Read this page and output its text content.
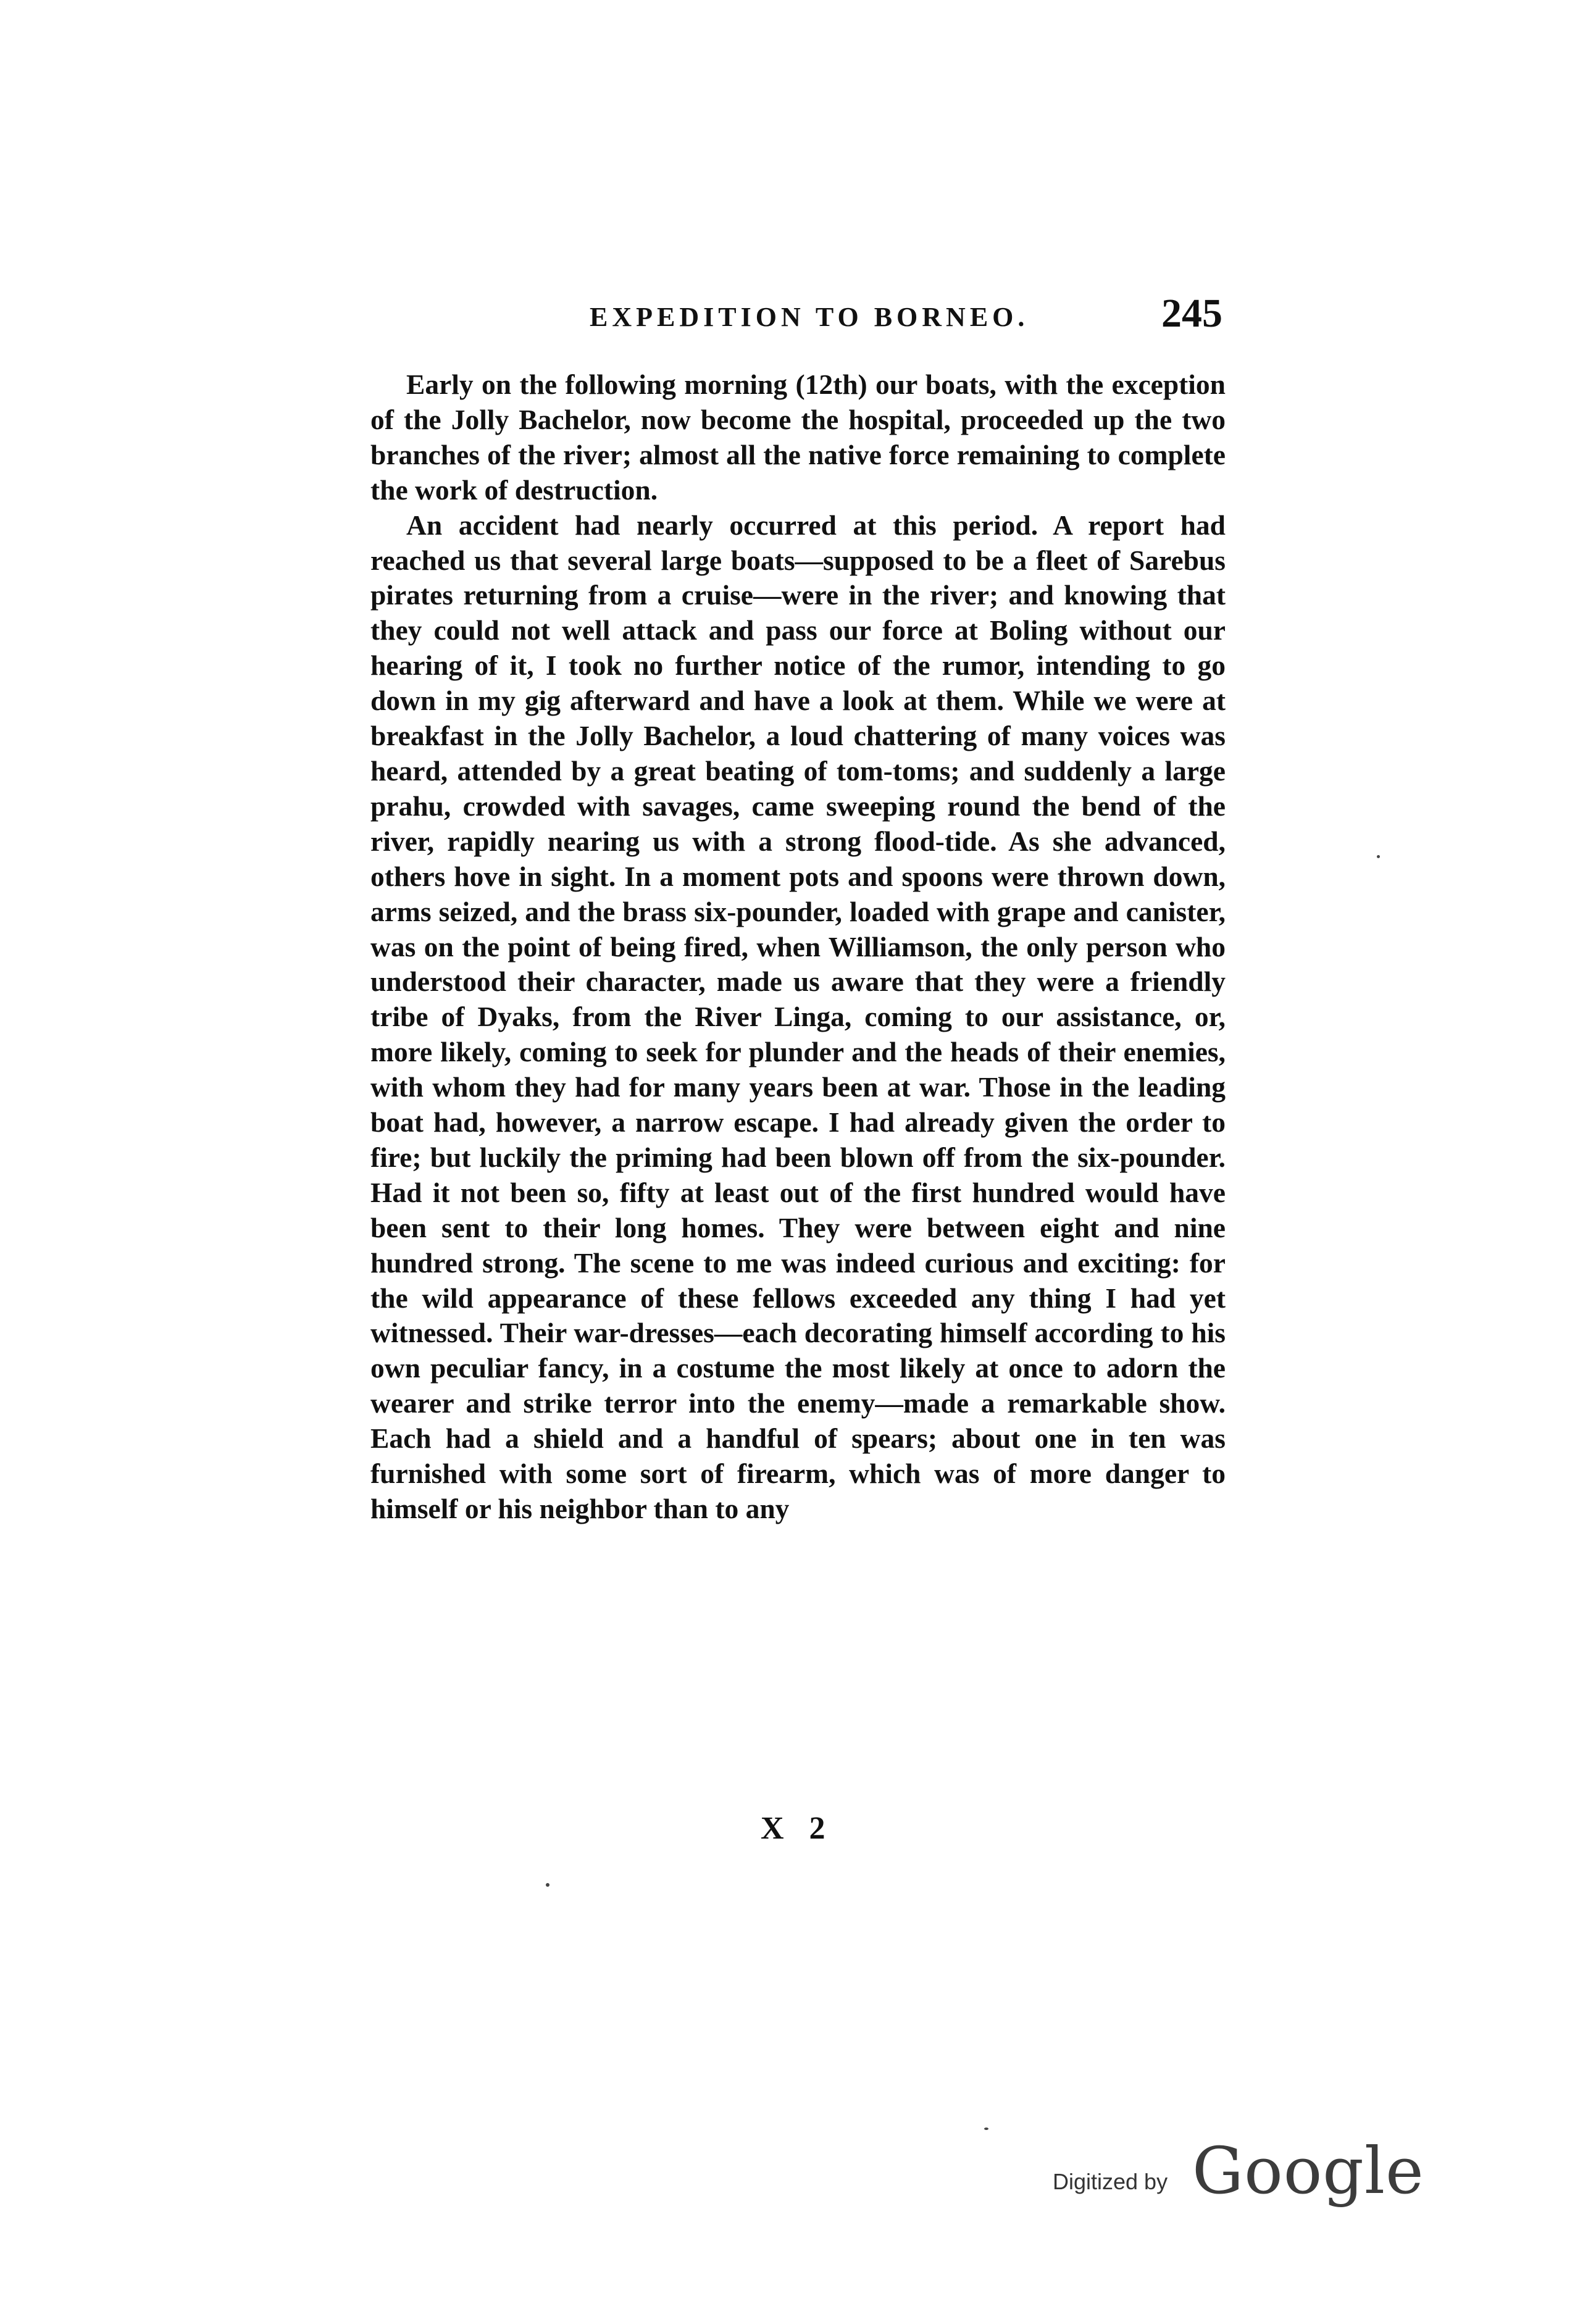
EXPEDITION TO BORNEO.	245

Early on the following morning (12th) our boats, with the exception of the Jolly Bachelor, now become the hospital, proceeded up the two branches of the river; almost all the native force remaining to complete the work of destruction.

An accident had nearly occurred at this period. A report had reached us that several large boats—supposed to be a fleet of Sarebus pirates returning from a cruise—were in the river; and knowing that they could not well attack and pass our force at Boling without our hearing of it, I took no further notice of the rumor, intending to go down in my gig afterward and have a look at them. While we were at breakfast in the Jolly Bachelor, a loud chattering of many voices was heard, attended by a great beating of tom-toms; and suddenly a large prahu, crowded with savages, came sweeping round the bend of the river, rapidly nearing us with a strong flood-tide. As she advanced, others hove in sight. In a moment pots and spoons were thrown down, arms seized, and the brass six-pounder, loaded with grape and canister, was on the point of being fired, when Williamson, the only person who understood their character, made us aware that they were a friendly tribe of Dyaks, from the River Linga, coming to our assistance, or, more likely, coming to seek for plunder and the heads of their enemies, with whom they had for many years been at war. Those in the leading boat had, however, a narrow escape. I had already given the order to fire; but luckily the priming had been blown off from the six-pounder. Had it not been so, fifty at least out of the first hundred would have been sent to their long homes. They were between eight and nine hundred strong. The scene to me was indeed curious and exciting: for the wild appearance of these fellows exceeded any thing I had yet witnessed. Their war-dresses—each decorating himself according to his own peculiar fancy, in a costume the most likely at once to adorn the wearer and strike terror into the enemy—made a remarkable show. Each had a shield and a handful of spears; about one in ten was furnished with some sort of firearm, which was of more danger to himself or his neighbor than to any

X 2
Digitized by Google
